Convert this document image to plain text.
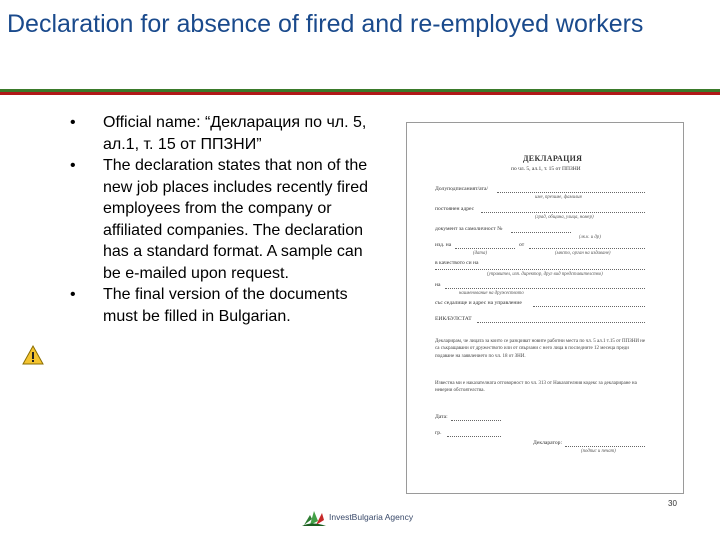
Declaration for absence of fired and re-employed workers
• Official name: “Декларация по чл. 5, ал.1, т. 15 от ППЗНИ”
• The declaration states that non of the new job places includes recently fired employees from the company or affiliated companies. The declaration has a standard format. A sample can be e-mailed upon request.
• The final version of the documents must be filled in Bulgarian.
ДЕКЛАРАЦИЯ
по чл. 5, ал.1, т. 15 от ППЗНИ
Долуподписаният/ата/
име, презиме, фамилия
постоянен адрес
(град, община, улица, номер)
документ за самоличност №
(лк.к. и др)
изд. на
(дата)
от
(място, орган на издаване)
в качеството си на
(управител, изп. директор, друг вид представителство)
на
наименование на дружеството
със седалище и адрес на управление
ЕИК/БУЛСТАТ
Декларирам, че лицата за които се разкриват новите работни места по чл. 5 ал.1 т.15 от ППЗНИ не са съкращавани от дружеството или от свързани с него лица в последните 12 месеца преди подаване на заявлението по чл. 18 от ЗНИ.
Известна ми е наказателната отговорност по чл. 313 от Наказателния кодекс за деклариране на неверни обстоятелства.
Дата:
гр.
Декларатор:
(подпис и печат)
30
InvestBulgaria Agency
